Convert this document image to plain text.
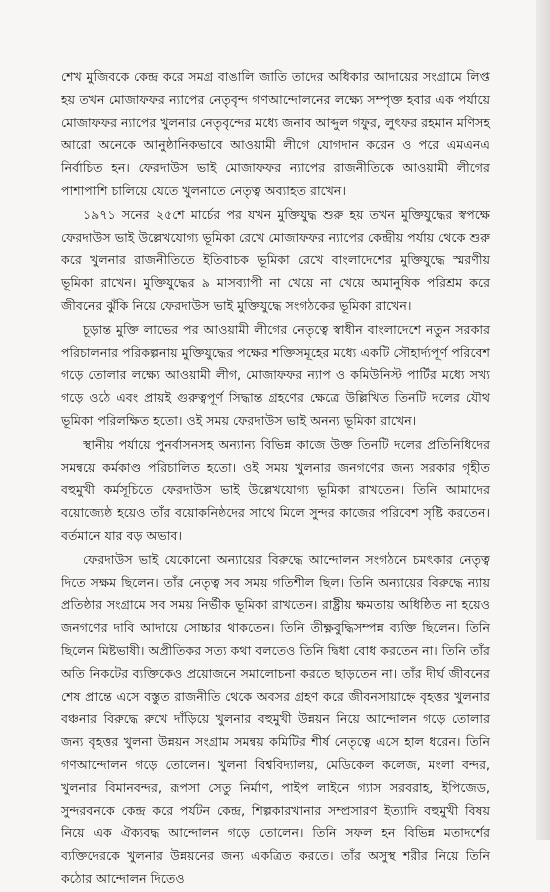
শেখ মুজিবকে কেন্দ্র করে সমগ্র বাঙালি জাতি তাদের অধিকার আদায়ের সংগ্রামে লিপ্ত হয় তখন মোজাফফর ন্যাপের নেতৃবৃন্দ গণআন্দোলনের লক্ষ্যে সম্পৃক্ত হবার এক পর্যায়ে মোজাফফর ন্যাপের খুলনার নেতৃবৃন্দের মধ্যে জনাব আব্দুল গফুর, লুৎফর রহমান মণিসহ আরো অনেকে আনুষ্ঠানিকভাবে আওয়ামী লীগে যোগদান করেন ও পরে এমএনএ নির্বাচিত হন। ফেরদাউস ভাই মোজাফফর ন্যাপের রাজনীতিকে আওয়ামী লীগের পাশাপাশি চালিয়ে যেতে খুলনাতে নেতৃত্ব অব্যাহত রাখেন।

১৯৭১ সনের ২৫শে মার্চের পর যখন মুক্তিযুদ্ধ শুরু হয় তখন মুক্তিযুদ্ধের স্বপক্ষে ফেরদাউস ভাই উল্লেখযোগ্য ভূমিকা রেখে মোজাফফর ন্যাপের কেন্দ্রীয় পর্যায় থেকে শুরু করে খুলনার রাজনীতিতে ইতিবাচক ভূমিকা রেখে বাংলাদেশের মুক্তিযুদ্ধে স্মরণীয় ভূমিকা রাখেন। মুক্তিযুদ্ধের ৯ মাসব্যাপী না খেয়ে না খেয়ে অমানুষিক পরিশ্রম করে জীবনের ঝুঁকি নিয়ে ফেরদাউস ভাই মুক্তিযুদ্ধে সংগঠকের ভূমিকা রাখেন।

চূড়ান্ত মুক্তি লাভের পর আওয়ামী লীগের নেতৃত্বে স্বাধীন বাংলাদেশে নতুন সরকার পরিচালনার পরিকল্পনায় মুক্তিযুদ্ধের পক্ষের শক্তিসমূহের মধ্যে একটি সৌহার্দ্যপূর্ণ পরিবেশ গড়ে তোলার লক্ষ্যে আওয়ামী লীগ, মোজাফফর ন্যাপ ও কমিউনিস্ট পার্টির মধ্যে সখ্য গড়ে ওঠে এবং প্রায়ই গুরুত্বপূর্ণ সিদ্ধান্ত গ্রহণের ক্ষেত্রে উল্লিখিত তিনটি দলের যৌথ ভূমিকা পরিলক্ষিত হতো। ওই সময় ফেরদাউস ভাই অনন্য ভূমিকা রাখেন।

স্থানীয় পর্যায়ে পুনর্বাসনসহ অন্যান্য বিভিন্ন কাজে উক্ত তিনটি দলের প্রতিনিধিদের সমন্বয়ে কর্মকাণ্ড পরিচালিত হতো। ওই সময় খুলনার জনগণের জন্য সরকার গৃহীত বহুমুখী কর্মসূচিতে ফেরদাউস ভাই উল্লেখযোগ্য ভূমিকা রাখতেন। তিনি আমাদের বয়োজ্যেষ্ঠ হয়েও তাঁর বয়োকনিষ্ঠদের সাথে মিলে সুন্দর কাজের পরিবেশ সৃষ্টি করতেন। বর্তমানে যার বড় অভাব।

ফেরদাউস ভাই যেকোনো অন্যায়ের বিরুদ্ধে আন্দোলন সংগঠনে চমৎকার নেতৃত্ব দিতে সক্ষম ছিলেন। তাঁর নেতৃত্ব সব সময় গতিশীল ছিল। তিনি অন্যায়ের বিরুদ্ধে ন্যায় প্রতিষ্ঠার সংগ্রামে সব সময় নির্ভীক ভূমিকা রাখতেন। রাষ্ট্রীয় ক্ষমতায় অধিষ্ঠিত না হয়েও জনগণের দাবি আদায়ে সোচ্চার থাকতেন। তিনি তীক্ষ্ণবুদ্ধিসম্পন্ন ব্যক্তি ছিলেন। তিনি ছিলেন মিষ্টভাষী। অপ্রীতিকর সত্য কথা বলতেও তিনি দ্বিধা বোধ করতেন না। তিনি তাঁর অতি নিকটের ব্যক্তিকেও প্রয়োজনে সমালোচনা করতে ছাড়তেন না। তাঁর দীর্ঘ জীবনের শেষ প্রান্তে এসে বস্তুত রাজনীতি থেকে অবসর গ্রহণ করে জীবনসায়াহ্নে বৃহত্তর খুলনার বঞ্চনার বিরুদ্ধে রুখে দাঁড়িয়ে খুলনার বহুমুখী উন্নয়ন নিয়ে আন্দোলন গড়ে তোলার জন্য বৃহত্তর খুলনা উন্নয়ন সংগ্রাম সমন্বয় কমিটির শীর্ষ নেতৃত্বে এসে হাল ধরেন। তিনি গণআন্দোলন গড়ে তোলেন। খুলনা বিশ্ববিদ্যালয়, মেডিকেল কলেজ, মংলা বন্দর, খুলনার বিমানবন্দর, রূপসা সেতু নির্মাণ, পাইপ লাইনে গ্যাস সরবরাহ, ইপিজেড, সুন্দরবনকে কেন্দ্র করে পর্যটন কেন্দ্র, শিল্পকারখানার সম্প্রসারণ ইত্যাদি বহুমুখী বিষয় নিয়ে এক ঐক্যবদ্ধ আন্দোলন গড়ে তোলেন। তিনি সফল হন বিভিন্ন মতাদর্শের ব্যক্তিদেরকে খুলনার উন্নয়নের জন্য একত্রিত করতে। তাঁর অসুস্থ শরীর নিয়ে তিনি কঠোর আন্দোলন দিতেও
